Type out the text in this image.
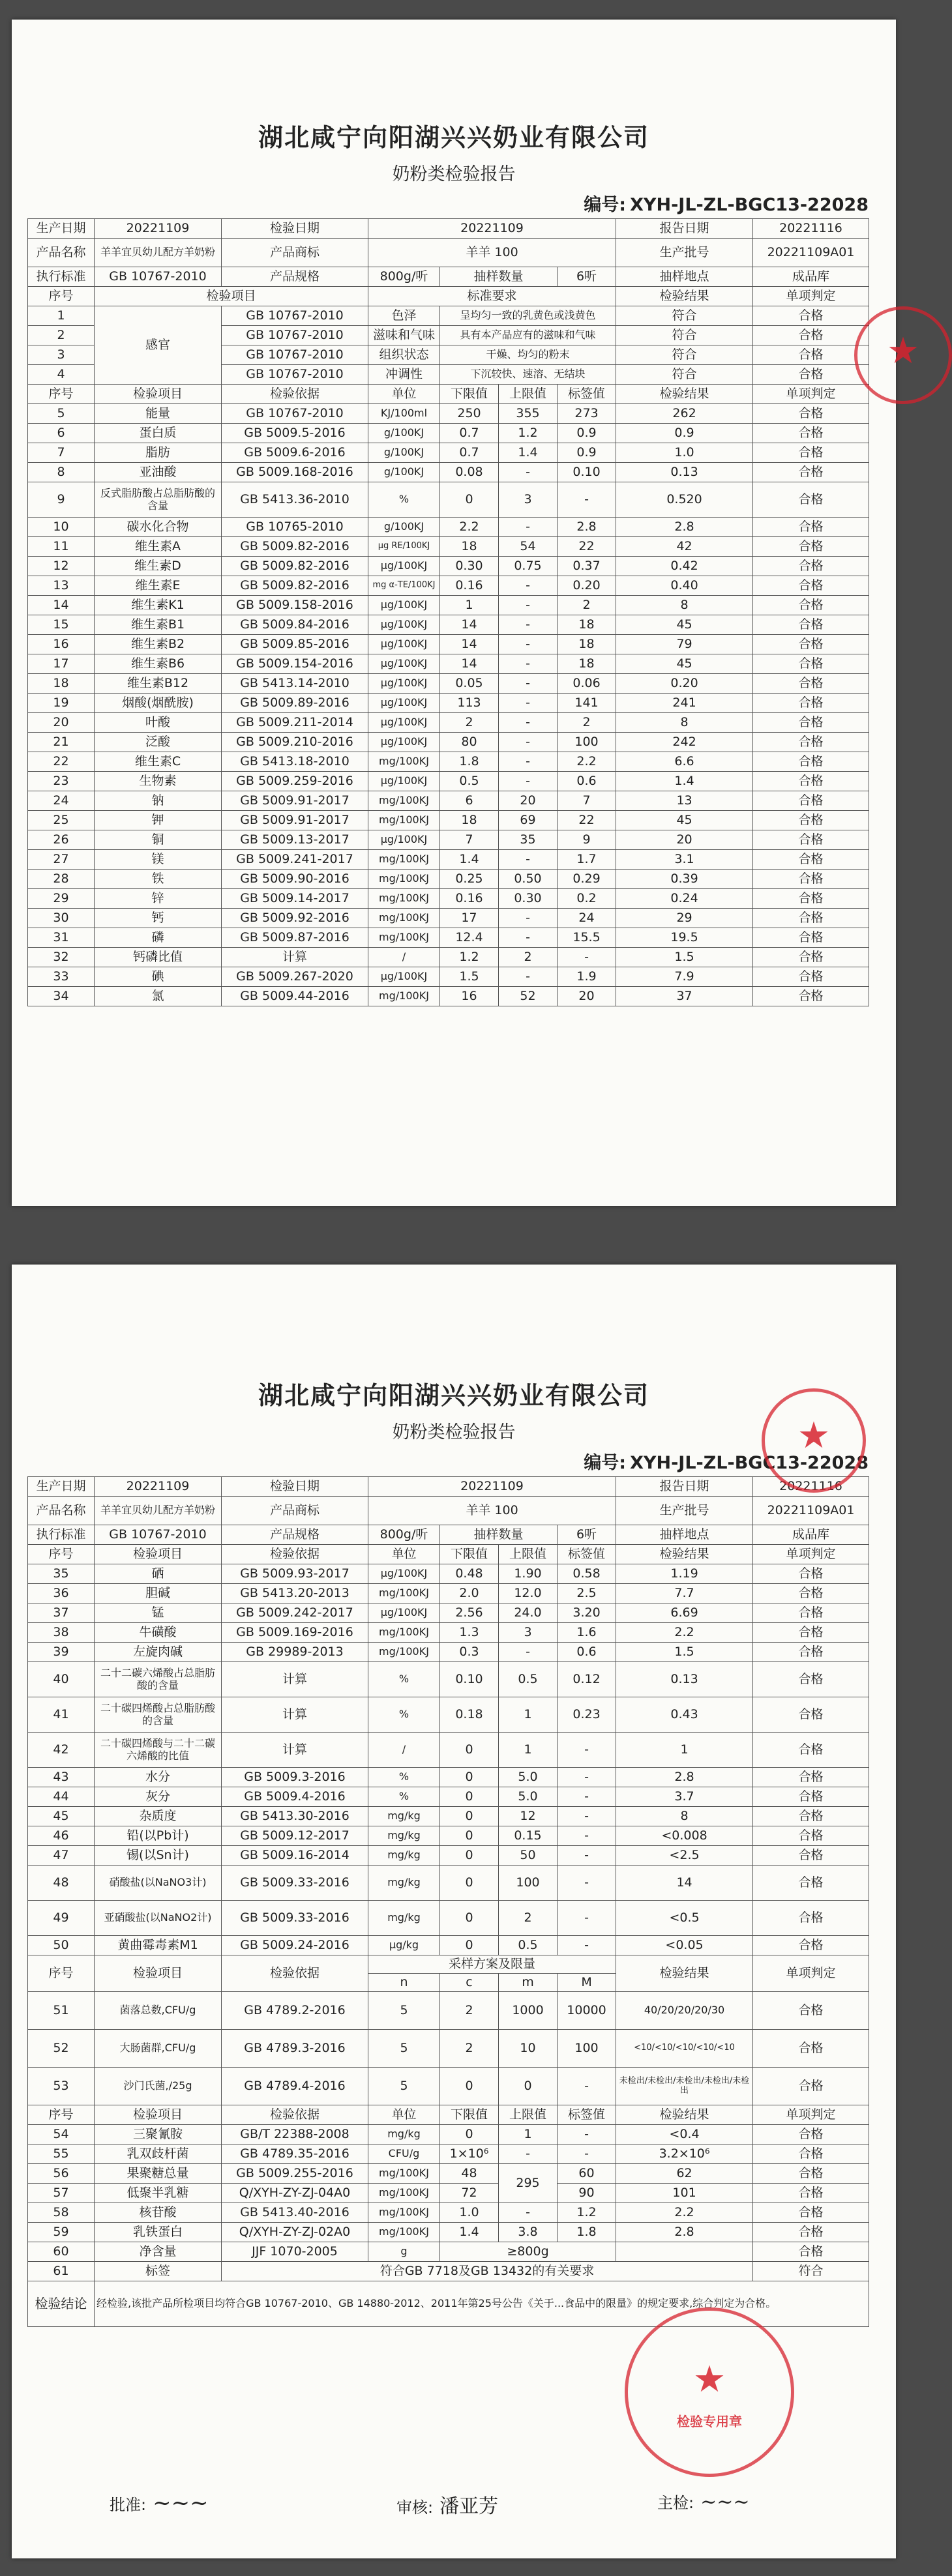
湖北咸宁向阳湖兴兴奶业有限公司
奶粉类检验报告
编号: XYH-JL-ZL-BGC13-22028
生产日期	20221109	检验日期	20221109				报告日期	20221116
产品名称	羊羊宜贝幼儿配方羊奶粉	产品商标	羊羊 100				生产批号	20221109A01
执行标准	GB 10767-2010	产品规格	800g/听	抽样数量		6听	抽样地点	成品库
序号	检验项目		标准要求				检验结果	单项判定
1	感官	GB 10767-2010	色泽	呈均匀一致的乳黄色或浅黄色			符合	合格
2		GB 10767-2010	滋味和气味	具有本产品应有的滋味和气味			符合	合格
3		GB 10767-2010	组织状态	干燥、均匀的粉末			符合	合格
4		GB 10767-2010	冲调性	下沉较快、速溶、无结块			符合	合格
序号	检验项目	检验依据	单位	下限值	上限值	标签值	检验结果	单项判定
5	能量	GB 10767-2010	KJ/100ml	250	355	273	262	合格
6	蛋白质	GB 5009.5-2016	g/100KJ	0.7	1.2	0.9	0.9	合格
7	脂肪	GB 5009.6-2016	g/100KJ	0.7	1.4	0.9	1.0	合格
8	亚油酸	GB 5009.168-2016	g/100KJ	0.08	-	0.10	0.13	合格
9	反式脂肪酸占总脂肪酸的含量	GB 5413.36-2010	%	0	3	-	0.520	合格
10	碳水化合物	GB 10765-2010	g/100KJ	2.2	-	2.8	2.8	合格
11	维生素A	GB 5009.82-2016	μg RE/100KJ	18	54	22	42	合格
12	维生素D	GB 5009.82-2016	μg/100KJ	0.30	0.75	0.37	0.42	合格
13	维生素E	GB 5009.82-2016	mg α-TE/100KJ	0.16	-	0.20	0.40	合格
14	维生素K1	GB 5009.158-2016	μg/100KJ	1	-	2	8	合格
15	维生素B1	GB 5009.84-2016	μg/100KJ	14	-	18	45	合格
16	维生素B2	GB 5009.85-2016	μg/100KJ	14	-	18	79	合格
17	维生素B6	GB 5009.154-2016	μg/100KJ	14	-	18	45	合格
18	维生素B12	GB 5413.14-2010	μg/100KJ	0.05	-	0.06	0.20	合格
19	烟酸(烟酰胺)	GB 5009.89-2016	μg/100KJ	113	-	141	241	合格
20	叶酸	GB 5009.211-2014	μg/100KJ	2	-	2	8	合格
21	泛酸	GB 5009.210-2016	μg/100KJ	80	-	100	242	合格
22	维生素C	GB 5413.18-2010	mg/100KJ	1.8	-	2.2	6.6	合格
23	生物素	GB 5009.259-2016	μg/100KJ	0.5	-	0.6	1.4	合格
24	钠	GB 5009.91-2017	mg/100KJ	6	20	7	13	合格
25	钾	GB 5009.91-2017	mg/100KJ	18	69	22	45	合格
26	铜	GB 5009.13-2017	μg/100KJ	7	35	9	20	合格
27	镁	GB 5009.241-2017	mg/100KJ	1.4	-	1.7	3.1	合格
28	铁	GB 5009.90-2016	mg/100KJ	0.25	0.50	0.29	0.39	合格
29	锌	GB 5009.14-2017	mg/100KJ	0.16	0.30	0.2	0.24	合格
30	钙	GB 5009.92-2016	mg/100KJ	17	-	24	29	合格
31	磷	GB 5009.87-2016	mg/100KJ	12.4	-	15.5	19.5	合格
32	钙磷比值	计算	/	1.2	2	-	1.5	合格
33	碘	GB 5009.267-2020	μg/100KJ	1.5	-	1.9	7.9	合格
34	氯	GB 5009.44-2016	mg/100KJ	16	52	20	37	合格
★
湖北咸宁向阳湖兴兴奶业有限公司
奶粉类检验报告
编号: XYH-JL-ZL-BGC13-22028
生产日期	20221109	检验日期	20221109				报告日期	20221116
产品名称	羊羊宜贝幼儿配方羊奶粉	产品商标	羊羊 100				生产批号	20221109A01
执行标准	GB 10767-2010	产品规格	800g/听	抽样数量		6听	抽样地点	成品库
序号	检验项目	检验依据	单位	下限值	上限值	标签值	检验结果	单项判定
35	硒	GB 5009.93-2017	μg/100KJ	0.48	1.90	0.58	1.19	合格
36	胆碱	GB 5413.20-2013	mg/100KJ	2.0	12.0	2.5	7.7	合格
37	锰	GB 5009.242-2017	μg/100KJ	2.56	24.0	3.20	6.69	合格
38	牛磺酸	GB 5009.169-2016	mg/100KJ	1.3	3	1.6	2.2	合格
39	左旋肉碱	GB 29989-2013	mg/100KJ	0.3	-	0.6	1.5	合格
40	二十二碳六烯酸占总脂肪酸的含量	计算	%	0.10	0.5	0.12	0.13	合格
41	二十碳四烯酸占总脂肪酸的含量	计算	%	0.18	1	0.23	0.43	合格
42	二十碳四烯酸与二十二碳六烯酸的比值	计算	/	0	1	-	1	合格
43	水分	GB 5009.3-2016	%	0	5.0	-	2.8	合格
44	灰分	GB 5009.4-2016	%	0	5.0	-	3.7	合格
45	杂质度	GB 5413.30-2016	mg/kg	0	12	-	8	合格
46	铅(以Pb计)	GB 5009.12-2017	mg/kg	0	0.15	-	<0.008	合格
47	锡(以Sn计)	GB 5009.16-2014	mg/kg	0	50	-	<2.5	合格
48	硝酸盐(以NaNO3计)	GB 5009.33-2016	mg/kg	0	100	-	14	合格
49	亚硝酸盐(以NaNO2计)	GB 5009.33-2016	mg/kg	0	2	-	<0.5	合格
50	黄曲霉毒素M1	GB 5009.24-2016	μg/kg	0	0.5	-	<0.05	合格
序号	检验项目	检验依据	采样方案及限量				检验结果	单项判定
			n	c	m	M		
51	菌落总数,CFU/g	GB 4789.2-2016	5	2	1000	10000	40/20/20/20/30	合格
52	大肠菌群,CFU/g	GB 4789.3-2016	5	2	10	100	<10/<10/<10/<10/<10	合格
53	沙门氏菌,/25g	GB 4789.4-2016	5	0	0	-	未检出/未检出/未检出/未检出/未检出	合格
序号	检验项目	检验依据	单位	下限值	上限值	标签值	检验结果	单项判定
54	三聚氰胺	GB/T 22388-2008	mg/kg	0	1	-	<0.4	合格
55	乳双歧杆菌	GB 4789.35-2016	CFU/g	1×10⁶	-	-	3.2×10⁶	合格
56	果聚糖总量	GB 5009.255-2016	mg/100KJ	48	295	60	62	合格
57	低聚半乳糖	Q/XYH-ZY-ZJ-04A0	mg/100KJ	72		90	101	合格
58	核苷酸	GB 5413.40-2016	mg/100KJ	1.0	-	1.2	2.2	合格
59	乳铁蛋白	Q/XYH-ZY-ZJ-02A0	mg/100KJ	1.4	3.8	1.8	2.8	合格
60	净含量	JJF 1070-2005	g	≥800g				合格
61	标签	符合GB 7718及GB 13432的有关要求						符合
检验结论	经检验,该批产品所检项目均符合GB 10767-2010、GB 14880-2012、2011年第25号公告《关于...食品中的限量》的规定要求,综合判定为合格。							
批准: ~~~	审核: 潘亚芳	主检: ~~~
★
★
检验专用章
